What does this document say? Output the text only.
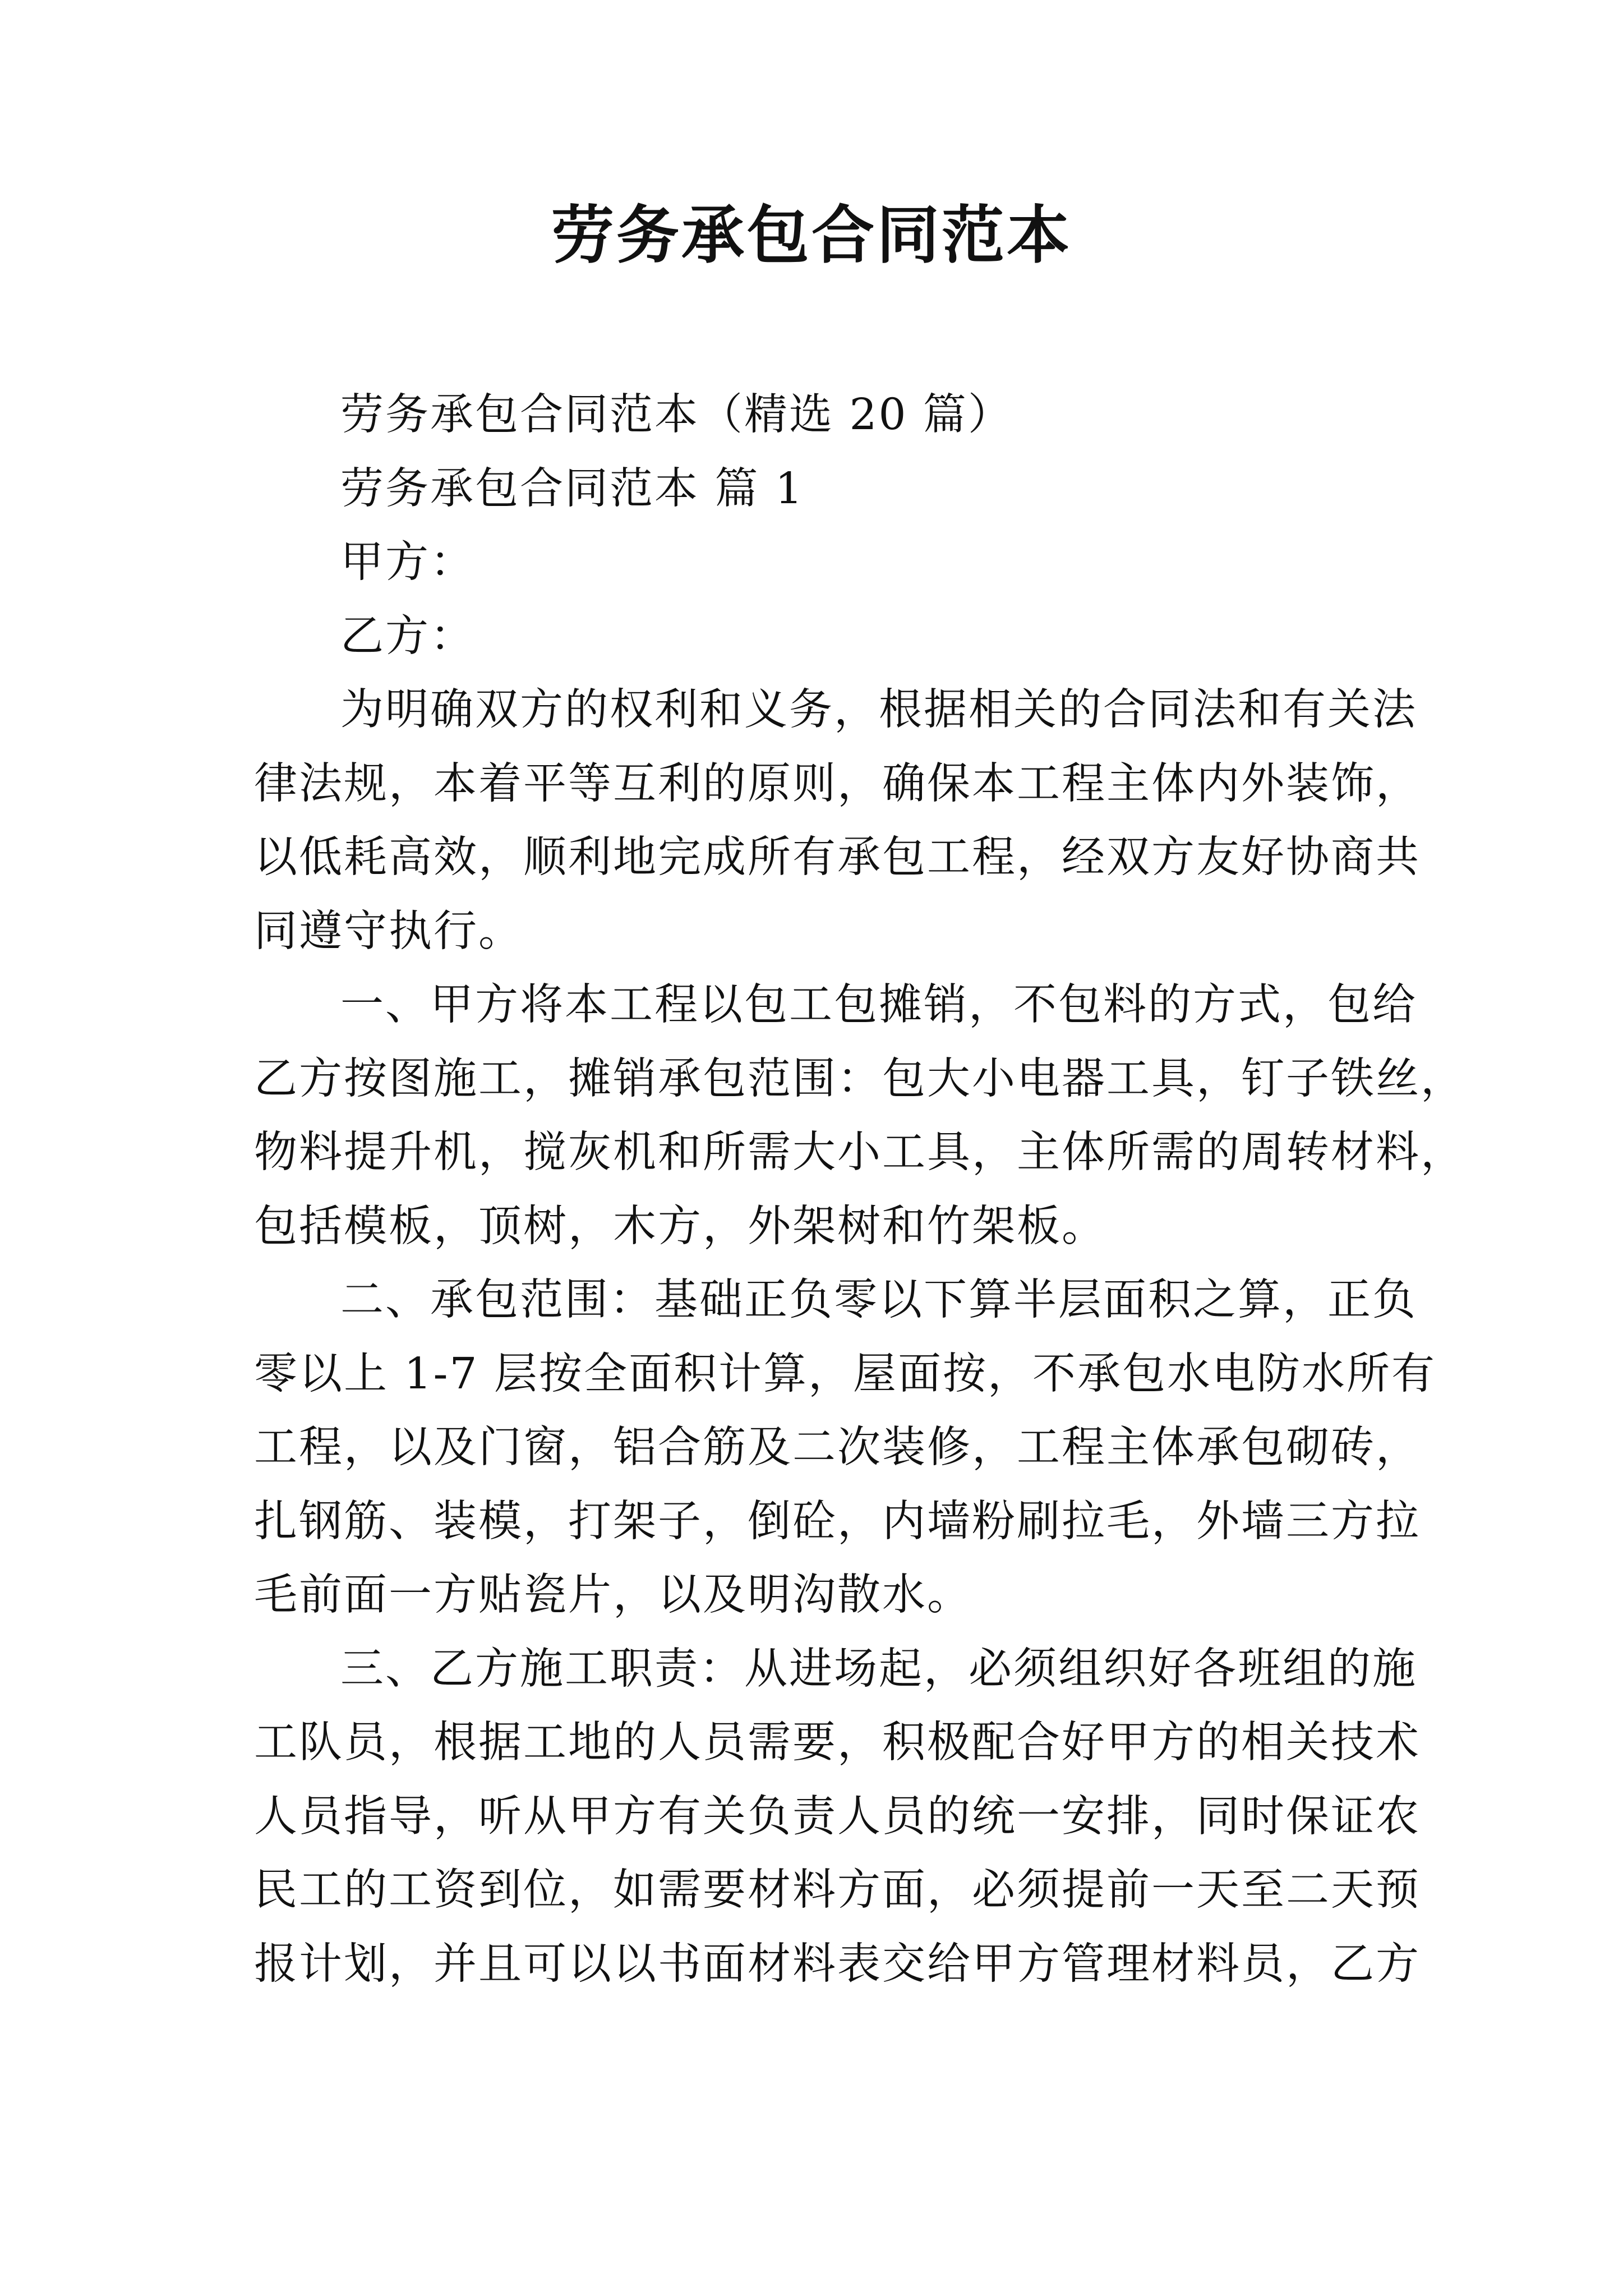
劳务承包合同范本

劳务承包合同范本（精选 20 篇）

劳务承包合同范本 篇 1

甲方：

乙方：

为明确双方的权利和义务，根据相关的合同法和有关法

律法规，本着平等互利的原则，确保本工程主体内外装饰，

以低耗高效，顺利地完成所有承包工程，经双方友好协商共

同遵守执行。

一、甲方将本工程以包工包摊销，不包料的方式，包给

乙方按图施工，摊销承包范围：包大小电器工具，钉子铁丝，

物料提升机，搅灰机和所需大小工具，主体所需的周转材料，

包括模板，顶树，木方，外架树和竹架板。

二、承包范围：基础正负零以下算半层面积之算，正负

零以上 1-7 层按全面积计算，屋面按，不承包水电防水所有

工程，以及门窗，铝合筋及二次装修，工程主体承包砌砖，

扎钢筋、装模，打架子，倒砼，内墙粉刷拉毛，外墙三方拉

毛前面一方贴瓷片，以及明沟散水。

三、乙方施工职责：从进场起，必须组织好各班组的施

工队员，根据工地的人员需要，积极配合好甲方的相关技术

人员指导，听从甲方有关负责人员的统一安排，同时保证农

民工的工资到位，如需要材料方面，必须提前一天至二天预

报计划，并且可以以书面材料表交给甲方管理材料员，乙方
